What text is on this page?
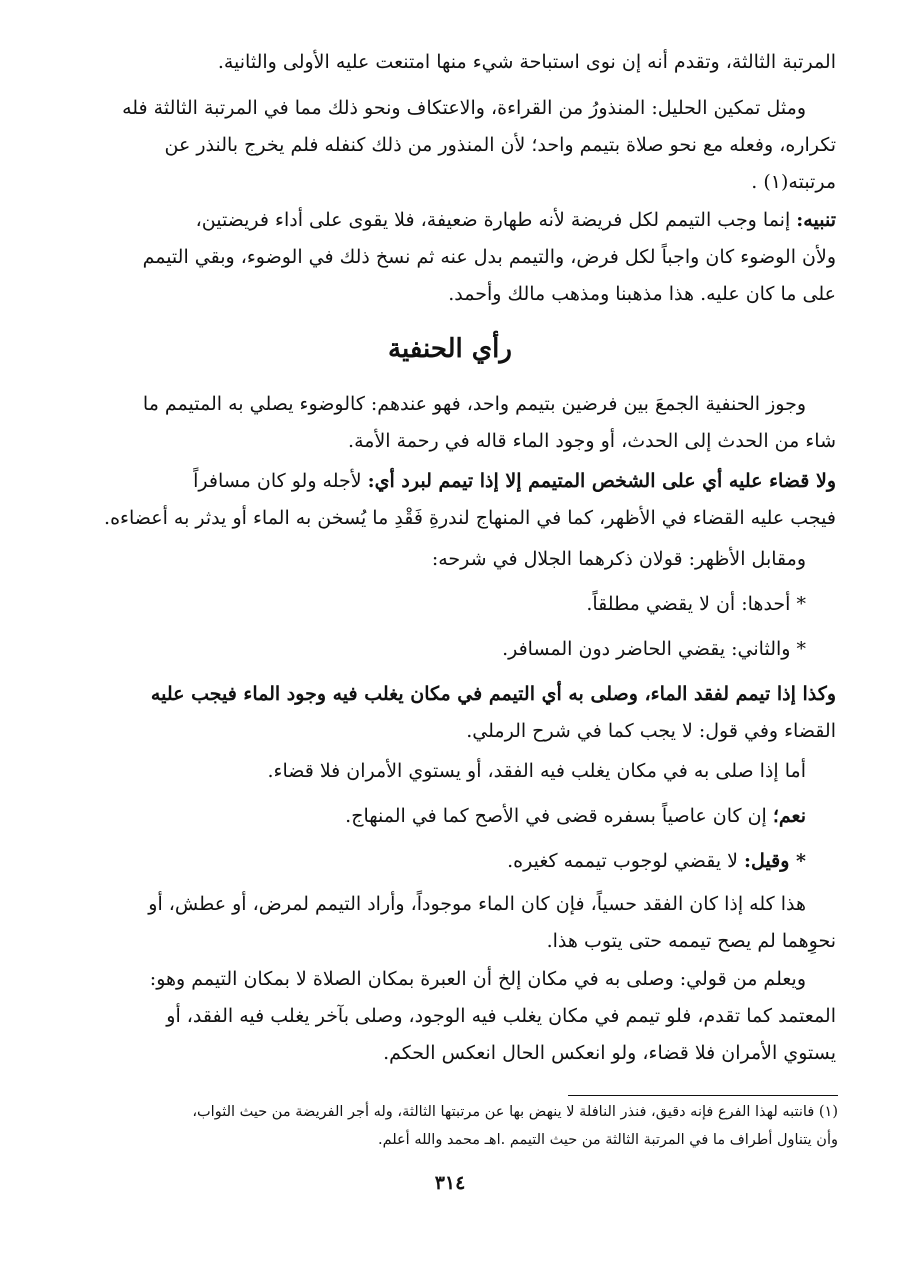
المرتبة الثالثة، وتقدم أنه إن نوى استباحة شيء منها امتنعت عليه الأولى والثانية.

ومثل تمكين الحليل: المنذورُ من القراءة، والاعتكاف ونحو ذلك مما في المرتبة الثالثة فله
تكراره، وفعله مع نحو صلاة بتيمم واحد؛ لأن المنذور من ذلك كنفله فلم يخرج بالنذر عن
مرتبته(١) .

تنبيه: إنما وجب التيمم لكل فريضة لأنه طهارة ضعيفة، فلا يقوى على أداء فريضتين،
ولأن الوضوء كان واجباً لكل فرض، والتيمم بدل عنه ثم نسخ ذلك في الوضوء، وبقي التيمم
على ما كان عليه. هذا مذهبنا ومذهب مالك وأحمد.

رأي الحنفية

وجوز الحنفية الجمعَ بين فرضين بتيمم واحد، فهو عندهم: كالوضوء يصلي به المتيمم ما
شاء من الحدث إلى الحدث، أو وجود الماء قاله في رحمة الأمة.

ولا قضاء عليه أي على الشخص المتيمم إلا إذا تيمم لبرد أي: لأجله ولو كان مسافراً
فيجب عليه القضاء في الأظهر، كما في المنهاج لندرةِ فَقْدِ ما يُسخن به الماء أو يدثر به أعضاءه.

ومقابل الأظهر: قولان ذكرهما الجلال في شرحه:

* أحدها: أن لا يقضي مطلقاً.

* والثاني: يقضي الحاضر دون المسافر.

وكذا إذا تيمم لفقد الماء، وصلى به أي التيمم في مكان يغلب فيه وجود الماء فيجب عليه
القضاء وفي قول: لا يجب كما في شرح الرملي.

أما إذا صلى به في مكان يغلب فيه الفقد، أو يستوي الأمران فلا قضاء.

نعم؛ إن كان عاصياً بسفره قضى في الأصح كما في المنهاج.

* وقيل: لا يقضي لوجوب تيممه كغيره.

هذا كله إذا كان الفقد حسياً، فإن كان الماء موجوداً، وأراد التيمم لمرض، أو عطش، أو
نحوِهما لم يصح تيممه حتى يتوب هذا.

ويعلم من قولي: وصلى به في مكان إلخ أن العبرة بمكان الصلاة لا بمكان التيمم وهو:
المعتمد كما تقدم، فلو تيمم في مكان يغلب فيه الوجود، وصلى بآخر يغلب فيه الفقد، أو
يستوي الأمران فلا قضاء، ولو انعكس الحال انعكس الحكم.

(١) فانتبه لهذا الفرع فإنه دقيق، فنذر النافلة لا ينهض بها عن مرتبتها الثالثة، وله أجر الفريضة من حيث الثواب،
وأن يتناول أطراف ما في المرتبة الثالثة من حيث التيمم .اهـ محمد والله أعلم.
٣١٤
